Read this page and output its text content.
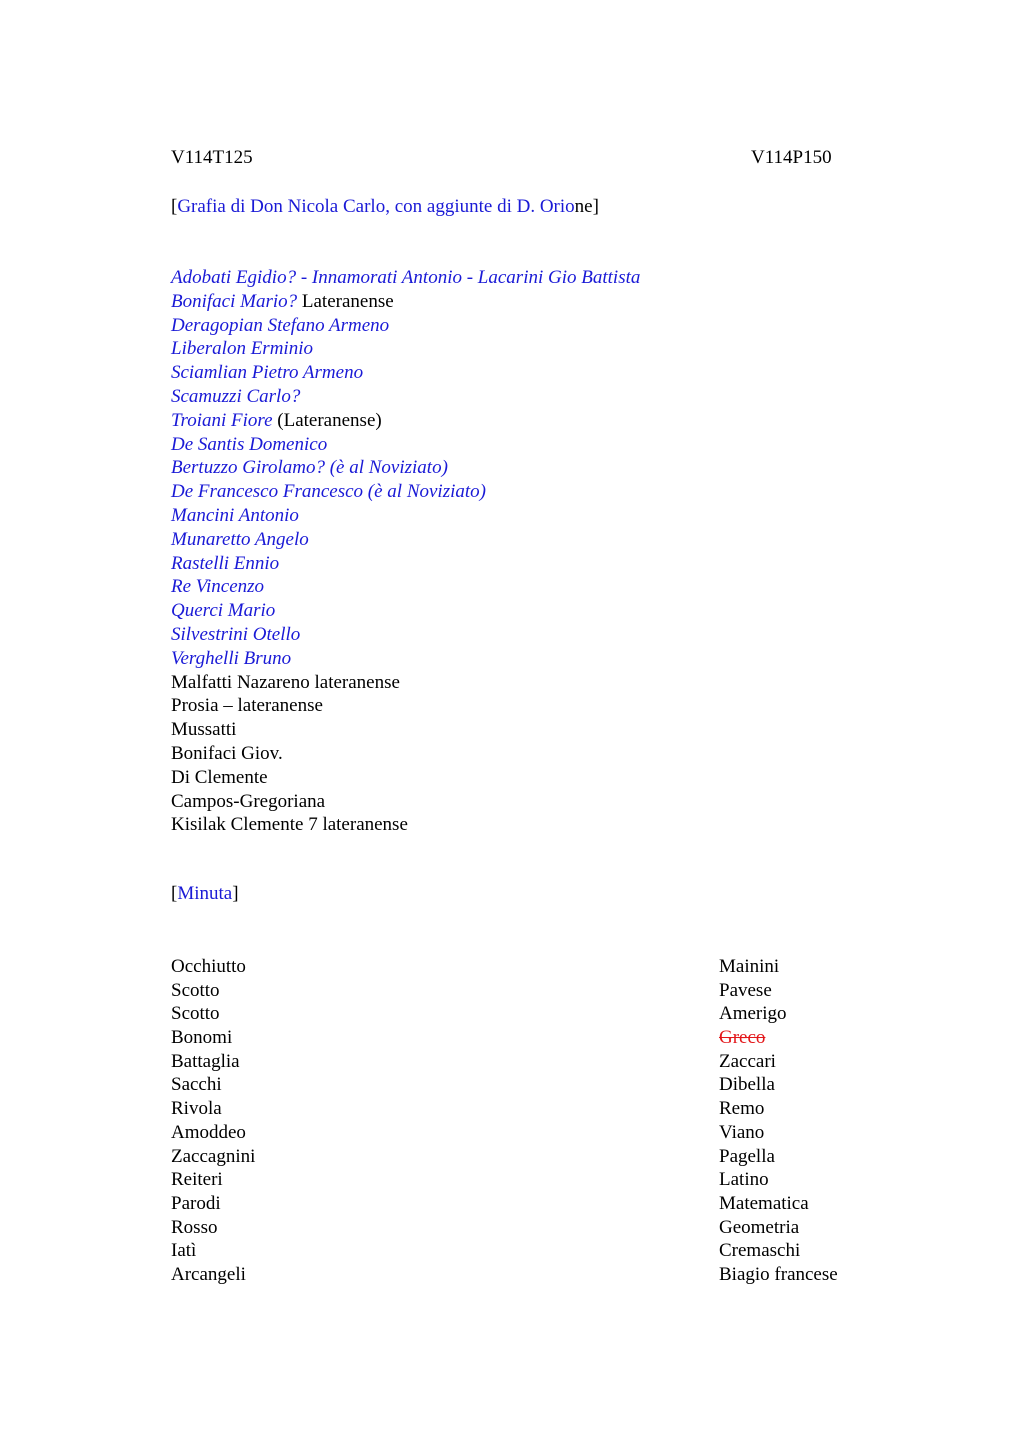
V114T125	V114P150
[Grafia di Don Nicola Carlo, con aggiunte di D. Orione]
Adobati Egidio? - Innamorati Antonio - Lacarini Gio Battista
Bonifaci Mario? Lateranense
Deragopian Stefano Armeno
Liberalon Erminio
Sciamlian Pietro Armeno
Scamuzzi Carlo?
Troiani Fiore (Lateranense)
De Santis Domenico
Bertuzzo Girolamo? (è al Noviziato)
De Francesco Francesco (è al Noviziato)
Mancini Antonio
Munaretto Angelo
Rastelli Ennio
Re Vincenzo
Querci Mario
Silvestrini Otello
Verghelli Bruno
Malfatti Nazareno lateranense
Prosia – lateranense
Mussatti
Bonifaci Giov.
Di Clemente
Campos-Gregoriana
Kisilak Clemente 7 lateranense
[Minuta]
Occhiutto
Scotto
Scotto
Bonomi
Battaglia
Sacchi
Rivola
Amoddeo
Zaccagnini
Reiteri
Parodi
Rosso
Iatì
Arcangeli
Mainini
Pavese
Amerigo
Greco
Zaccari
Dibella
Remo
Viano
Pagella
Latino
Matematica
Geometria
Cremaschi
Biagio francese
